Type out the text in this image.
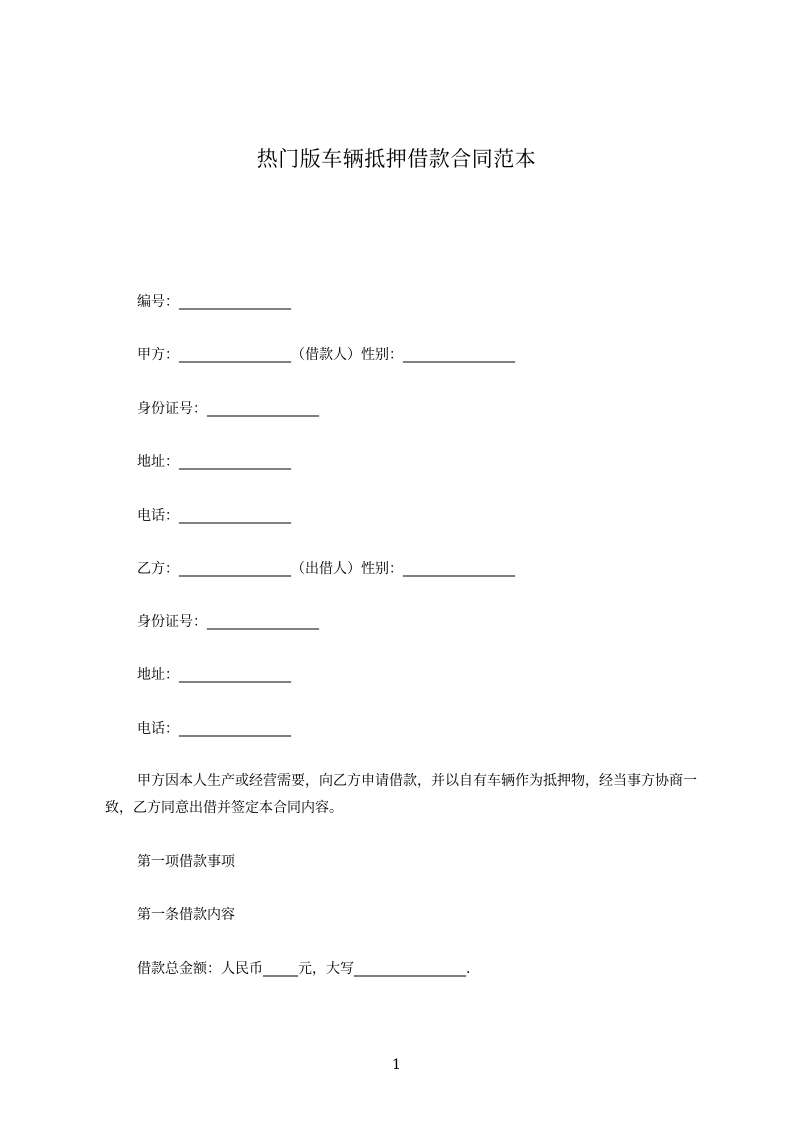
热门版车辆抵押借款合同范本
编号：________________
甲方：________________（借款人）性别：________________
身份证号：________________
地址：________________
电话：________________
乙方：________________（出借人）性别：________________
身份证号：________________
地址：________________
电话：________________
甲方因本人生产或经营需要，向乙方申请借款，并以自有车辆作为抵押物，经当事方协商一致，乙方同意出借并签定本合同内容。
第一项借款事项
第一条借款内容
借款总金额：人民币_____元，大写________________.
1
